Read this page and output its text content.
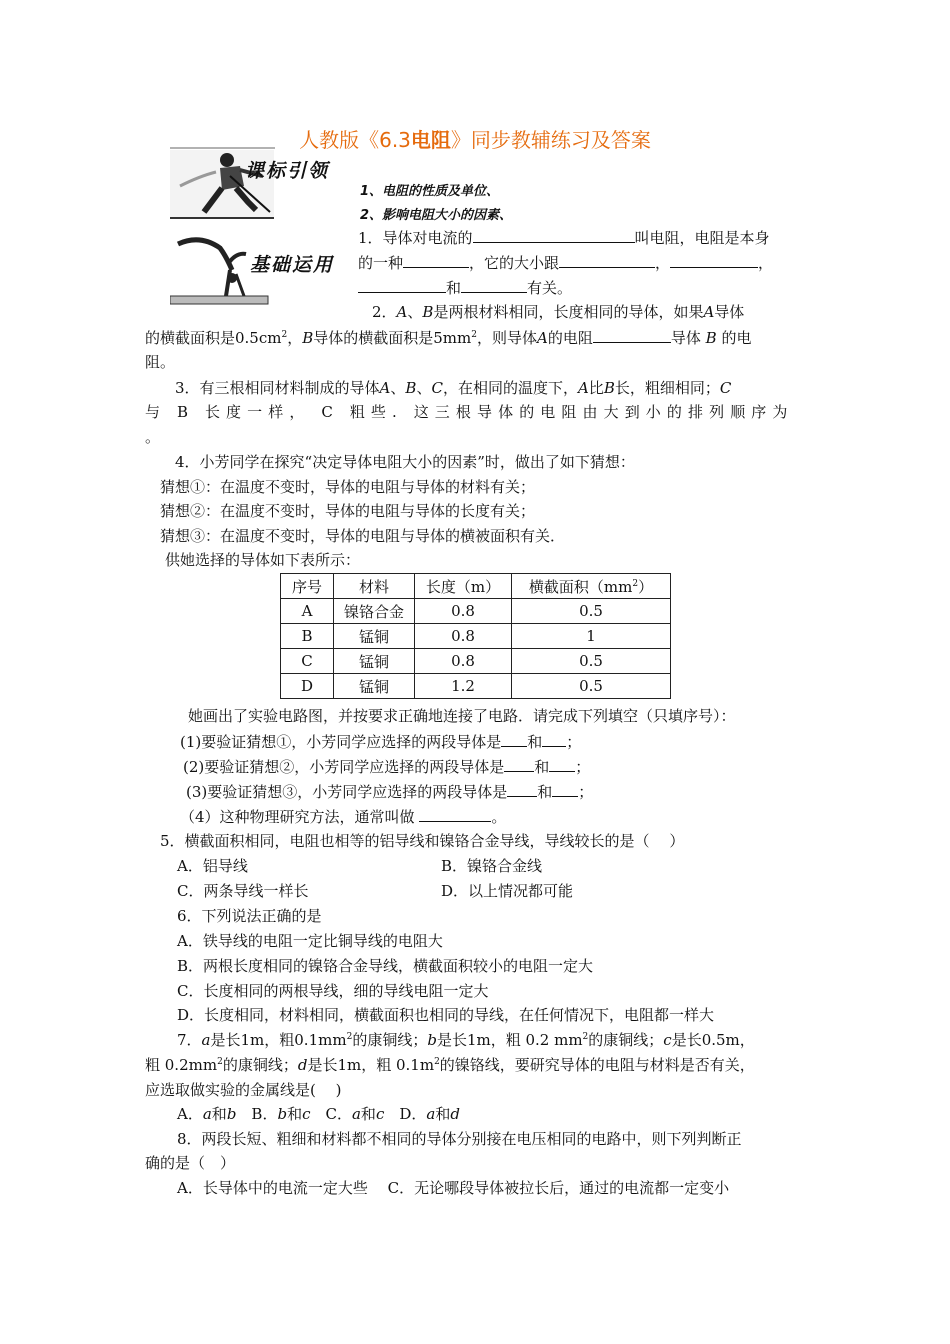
人教版《6.3电阻》同步教辅练习及答案
课标引领
1、电阻的性质及单位、
2、影响电阻大小的因素、
基础运用
1．导体对电流的	叫电阻，电阻是本身
的一种	，它的大小跟	，	，
和	有关。
2．A、B是两根材料相同，长度相同的导体，如果A导体
的横截面积是$0.5cm^2$，B导体的横截面积是$5mm^2$，则导体A的电阻	导体 B 的电
阻。
3．有三根相同材料制成的导体A、B、C，在相同的温度下，A比B长，粗细相同；C
与 B 长度一样， C 粗些. 这三根导体的电阻由大到小的排列顺序为
。
4．小芳同学在探究“决定导体电阻大小的因素”时，做出了如下猜想：
猜想①：在温度不变时，导体的电阻与导体的材料有关；
猜想②：在温度不变时，导体的电阻与导体的长度有关；
猜想③：在温度不变时，导体的电阻与导体的横被面积有关．
供她选择的导体如下表所示：
序号	材料	长度（m）	横截面积$(mm^2)$
A	镍铬合金	0.8	0.5
B	锰铜	0.8	1
C	锰铜	0.8	0.5
D	锰铜	1.2	0.5
她画出了实验电路图，并按要求正确地连接了电路．请完成下列填空（只填序号）：
(1)要验证猜想①，小芳同学应选择的两段导体是 和 ；
(2)要验证猜想②，小芳同学应选择的两段导体是 和 ；
(3)要验证猜想③，小芳同学应选择的两段导体是 和 ；
（4）这种物理研究方法，通常叫做	。
5．横截面积相同，电阻也相等的铝导线和镍铬合金导线，导线较长的是（　 ）
A．铝导线	B．镍铬合金线
C．两条导线一样长	D．以上情况都可能
6．下列说法正确的是
A．铁导线的电阻一定比铜导线的电阻大
B．两根长度相同的镍铬合金导线，横截面积较小的电阻一定大
C．长度相同的两根导线，细的导线电阻一定大
D．长度相同，材料相同，横截面积也相同的导线，在任何情况下，电阻都一样大
7．a是长1m，粗$0.1mm^2$的康铜线；b是长1m，粗 0.2 $mm^2$的康铜线；c是长0.5m，
粗 $0.2mm^2$的康铜线；d是长1m，粗 $0.1m^2$的镍铬线，要研究导体的电阻与材料是否有关，
应选取做实验的金属线是(　 )
A．a和b　B．b和c　C．a和c　D．a和d
8．两段长短、粗细和材料都不相同的导体分别接在电压相同的电路中，则下列判断正
确的是（　）
A．长导体中的电流一定大些　 C．无论哪段导体被拉长后，通过的电流都一定变小
